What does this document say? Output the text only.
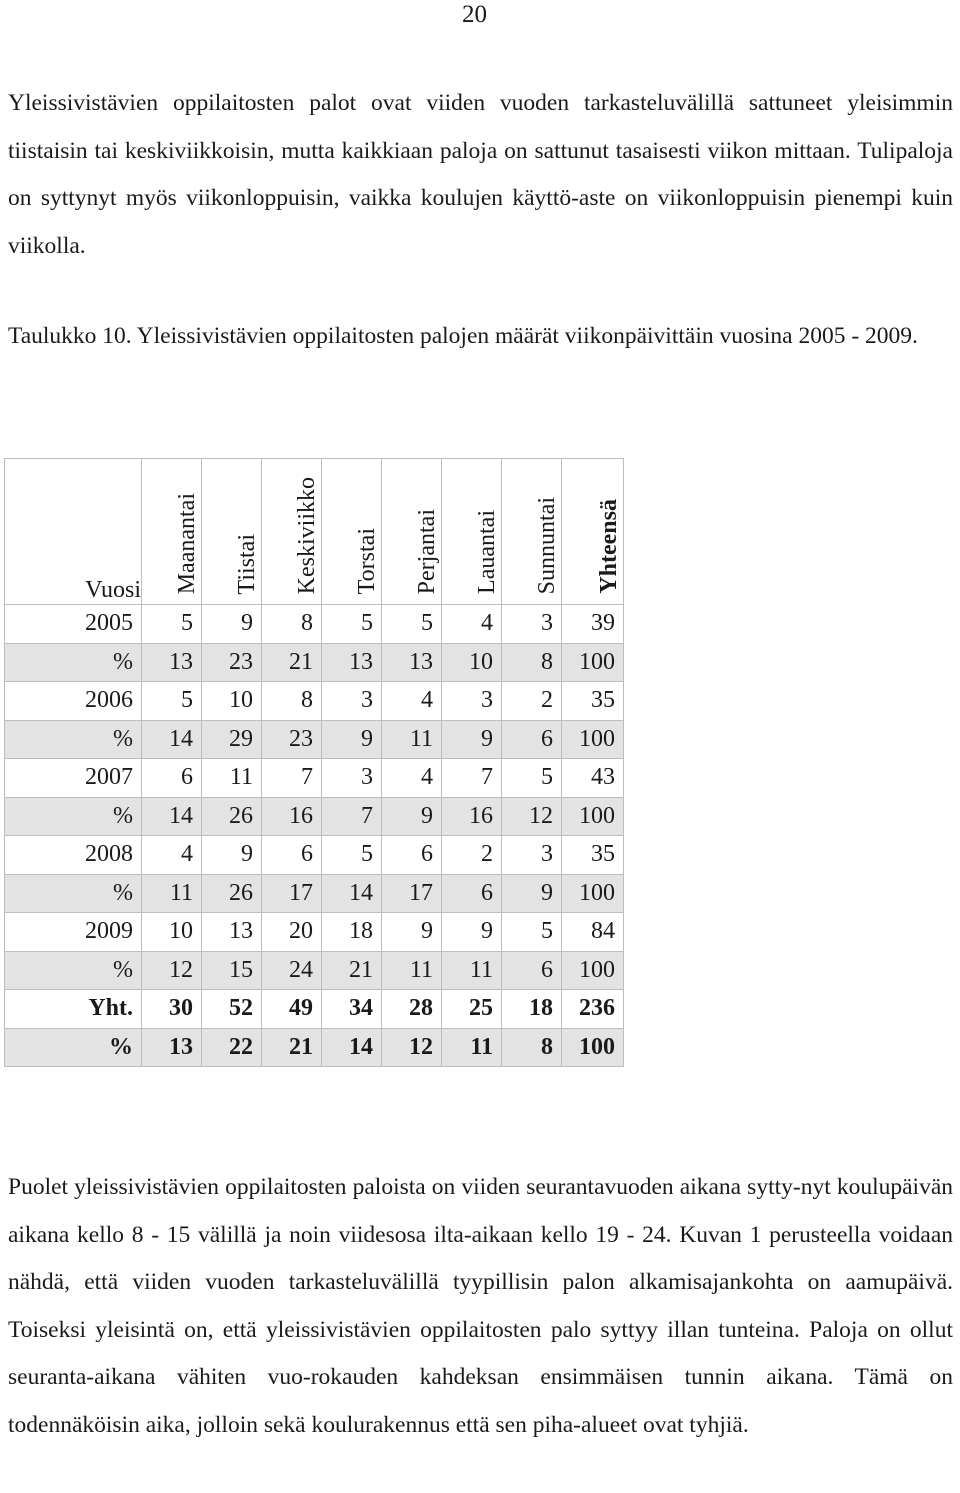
20

Yleissivistävien oppilaitosten palot ovat viiden vuoden tarkasteluvälillä sattuneet yleisimmin tiistaisin tai keskiviikkoisin, mutta kaikkiaan paloja on sattunut tasaisesti viikon mittaan. Tulipaloja on syttynyt myös viikonloppuisin, vaikka koulujen käyttö-aste on viikonloppuisin pienempi kuin viikolla.

Taulukko 10. Yleissivistävien oppilaitosten palojen määrät viikonpäivittäin vuosina 2005 - 2009.

Vuosi	Maanantai	Tiistai	Keskiviikko	Torstai	Perjantai	Lauantai	Sunnuntai	Yhteensä
2005	5	9	8	5	5	4	3	39
%	13	23	21	13	13	10	8	100
2006	5	10	8	3	4	3	2	35
%	14	29	23	9	11	9	6	100
2007	6	11	7	3	4	7	5	43
%	14	26	16	7	9	16	12	100
2008	4	9	6	5	6	2	3	35
%	11	26	17	14	17	6	9	100
2009	10	13	20	18	9	9	5	84
%	12	15	24	21	11	11	6	100
Yht.	30	52	49	34	28	25	18	236
%	13	22	21	14	12	11	8	100

Puolet yleissivistävien oppilaitosten paloista on viiden seurantavuoden aikana sytty-nyt koulupäivän aikana kello 8 - 15 välillä ja noin viidesosa ilta-aikaan kello 19 - 24. Kuvan 1 perusteella voidaan nähdä, että viiden vuoden tarkasteluvälillä tyypillisin palon alkamisajankohta on aamupäivä. Toiseksi yleisintä on, että yleissivistävien oppilaitosten palo syttyy illan tunteina. Paloja on ollut seuranta-aikana vähiten vuo-rokauden kahdeksan ensimmäisen tunnin aikana. Tämä on todennäköisin aika, jolloin sekä koulurakennus että sen piha-alueet ovat tyhjiä.
